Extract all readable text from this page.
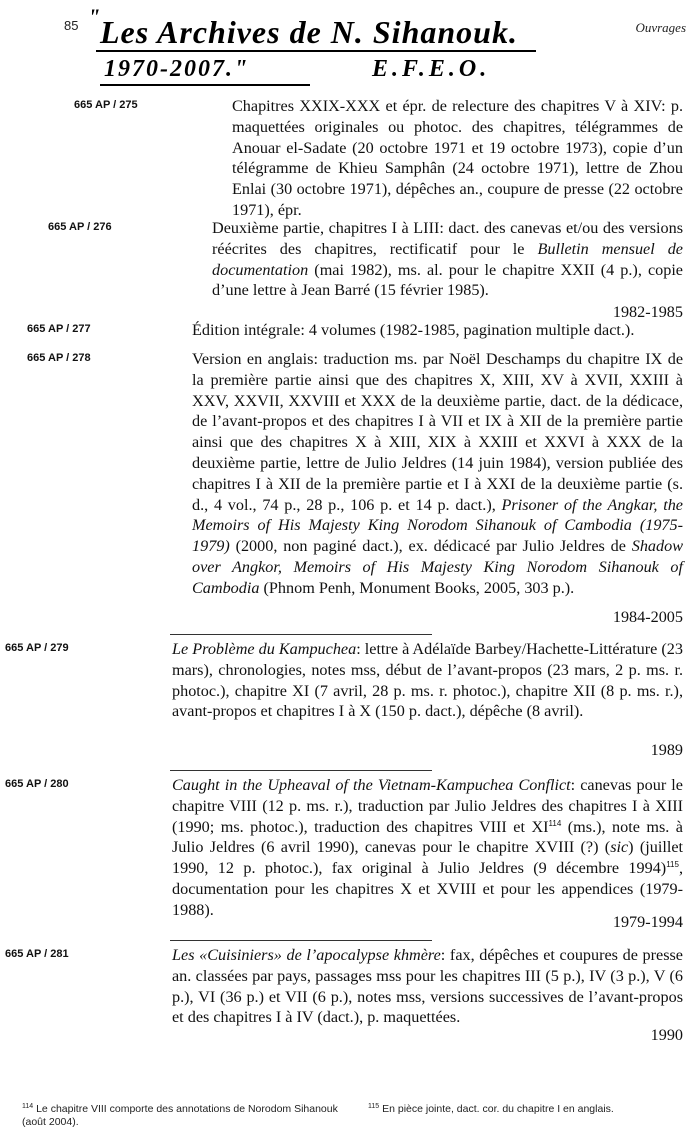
85	Ouvrages
" Les Archives de N. Sihanouk.
1970-2007."	E.F.E.O.
665 AP / 275	Chapitres XXIX-XXX et épr. de relecture des chapitres V à XIV: p. maquettées originales ou photoc. des chapitres, télégrammes de Anouar el-Sadate (20 octobre 1971 et 19 octobre 1973), copie d’un télégramme de Khieu Samphân (24 octobre 1971), lettre de Zhou Enlai (30 octobre 1971), dépêches an., coupure de presse (22 octobre 1971), épr.
665 AP / 276	Deuxième partie, chapitres I à LIII: dact. des canevas et/ou des versions réécrites des chapitres, rectificatif pour le Bulletin mensuel de documentation (mai 1982), ms. al. pour le chapitre XXII (4 p.), copie d’une lettre à Jean Barré (15 février 1985).
1982-1985
665 AP / 277	Édition intégrale: 4 volumes (1982-1985, pagination multiple dact.).
665 AP / 278	Version en anglais: traduction ms. par Noël Deschamps du chapitre IX de la première partie ainsi que des chapitres X, XIII, XV à XVII, XXIII à XXV, XXVII, XXVIII et XXX de la deuxième partie, dact. de la dédicace, de l’avant-propos et des chapitres I à VII et IX à XII de la première partie ainsi que des chapitres X à XIII, XIX à XXIII et XXVI à XXX de la deuxième partie, lettre de Julio Jeldres (14 juin 1984), version publiée des chapitres I à XII de la première partie et I à XXI de la deuxième partie (s. d., 4 vol., 74 p., 28 p., 106 p. et 14 p. dact.), Prisoner of the Angkar, the Memoirs of His Majesty King Norodom Sihanouk of Cambodia (1975-1979) (2000, non paginé dact.), ex. dédicacé par Julio Jeldres de Shadow over Angkor, Memoirs of His Majesty King Norodom Sihanouk of Cambodia (Phnom Penh, Monument Books, 2005, 303 p.).
1984-2005
665 AP / 279	Le Problème du Kampuchea: lettre à Adélaïde Barbey/Hachette-Littérature (23 mars), chronologies, notes mss, début de l’avant-propos (23 mars, 2 p. ms. r. photoc.), chapitre XI (7 avril, 28 p. ms. r. photoc.), chapitre XII (8 p. ms. r.), avant-propos et chapitres I à X (150 p. dact.), dépêche (8 avril).
1989
665 AP / 280	Caught in the Upheaval of the Vietnam-Kampuchea Conflict: canevas pour le chapitre VIII (12 p. ms. r.), traduction par Julio Jeldres des chapitres I à XIII (1990; ms. photoc.), traduction des chapitres VIII et XI$^{114}$ (ms.), note ms. à Julio Jeldres (6 avril 1990), canevas pour le chapitre XVIII (?) (sic) (juillet 1990, 12 p. photoc.), fax original à Julio Jeldres (9 décembre 1994)$^{115}$, documentation pour les chapitres X et XVIII et pour les appendices (1979-1988).
1979-1994
665 AP / 281	Les «Cuisiniers» de l’apocalypse khmère: fax, dépêches et coupures de presse an. classées par pays, passages mss pour les chapitres III (5 p.), IV (3 p.), V (6 p.), VI (36 p.) et VII (6 p.), notes mss, versions successives de l’avant-propos et des chapitres I à IV (dact.), p. maquettées.
1990
$^{114}$ Le chapitre VIII comporte des annotations de Norodom Sihanouk (août 2004).
$^{115}$ En pièce jointe, dact. cor. du chapitre I en anglais.
